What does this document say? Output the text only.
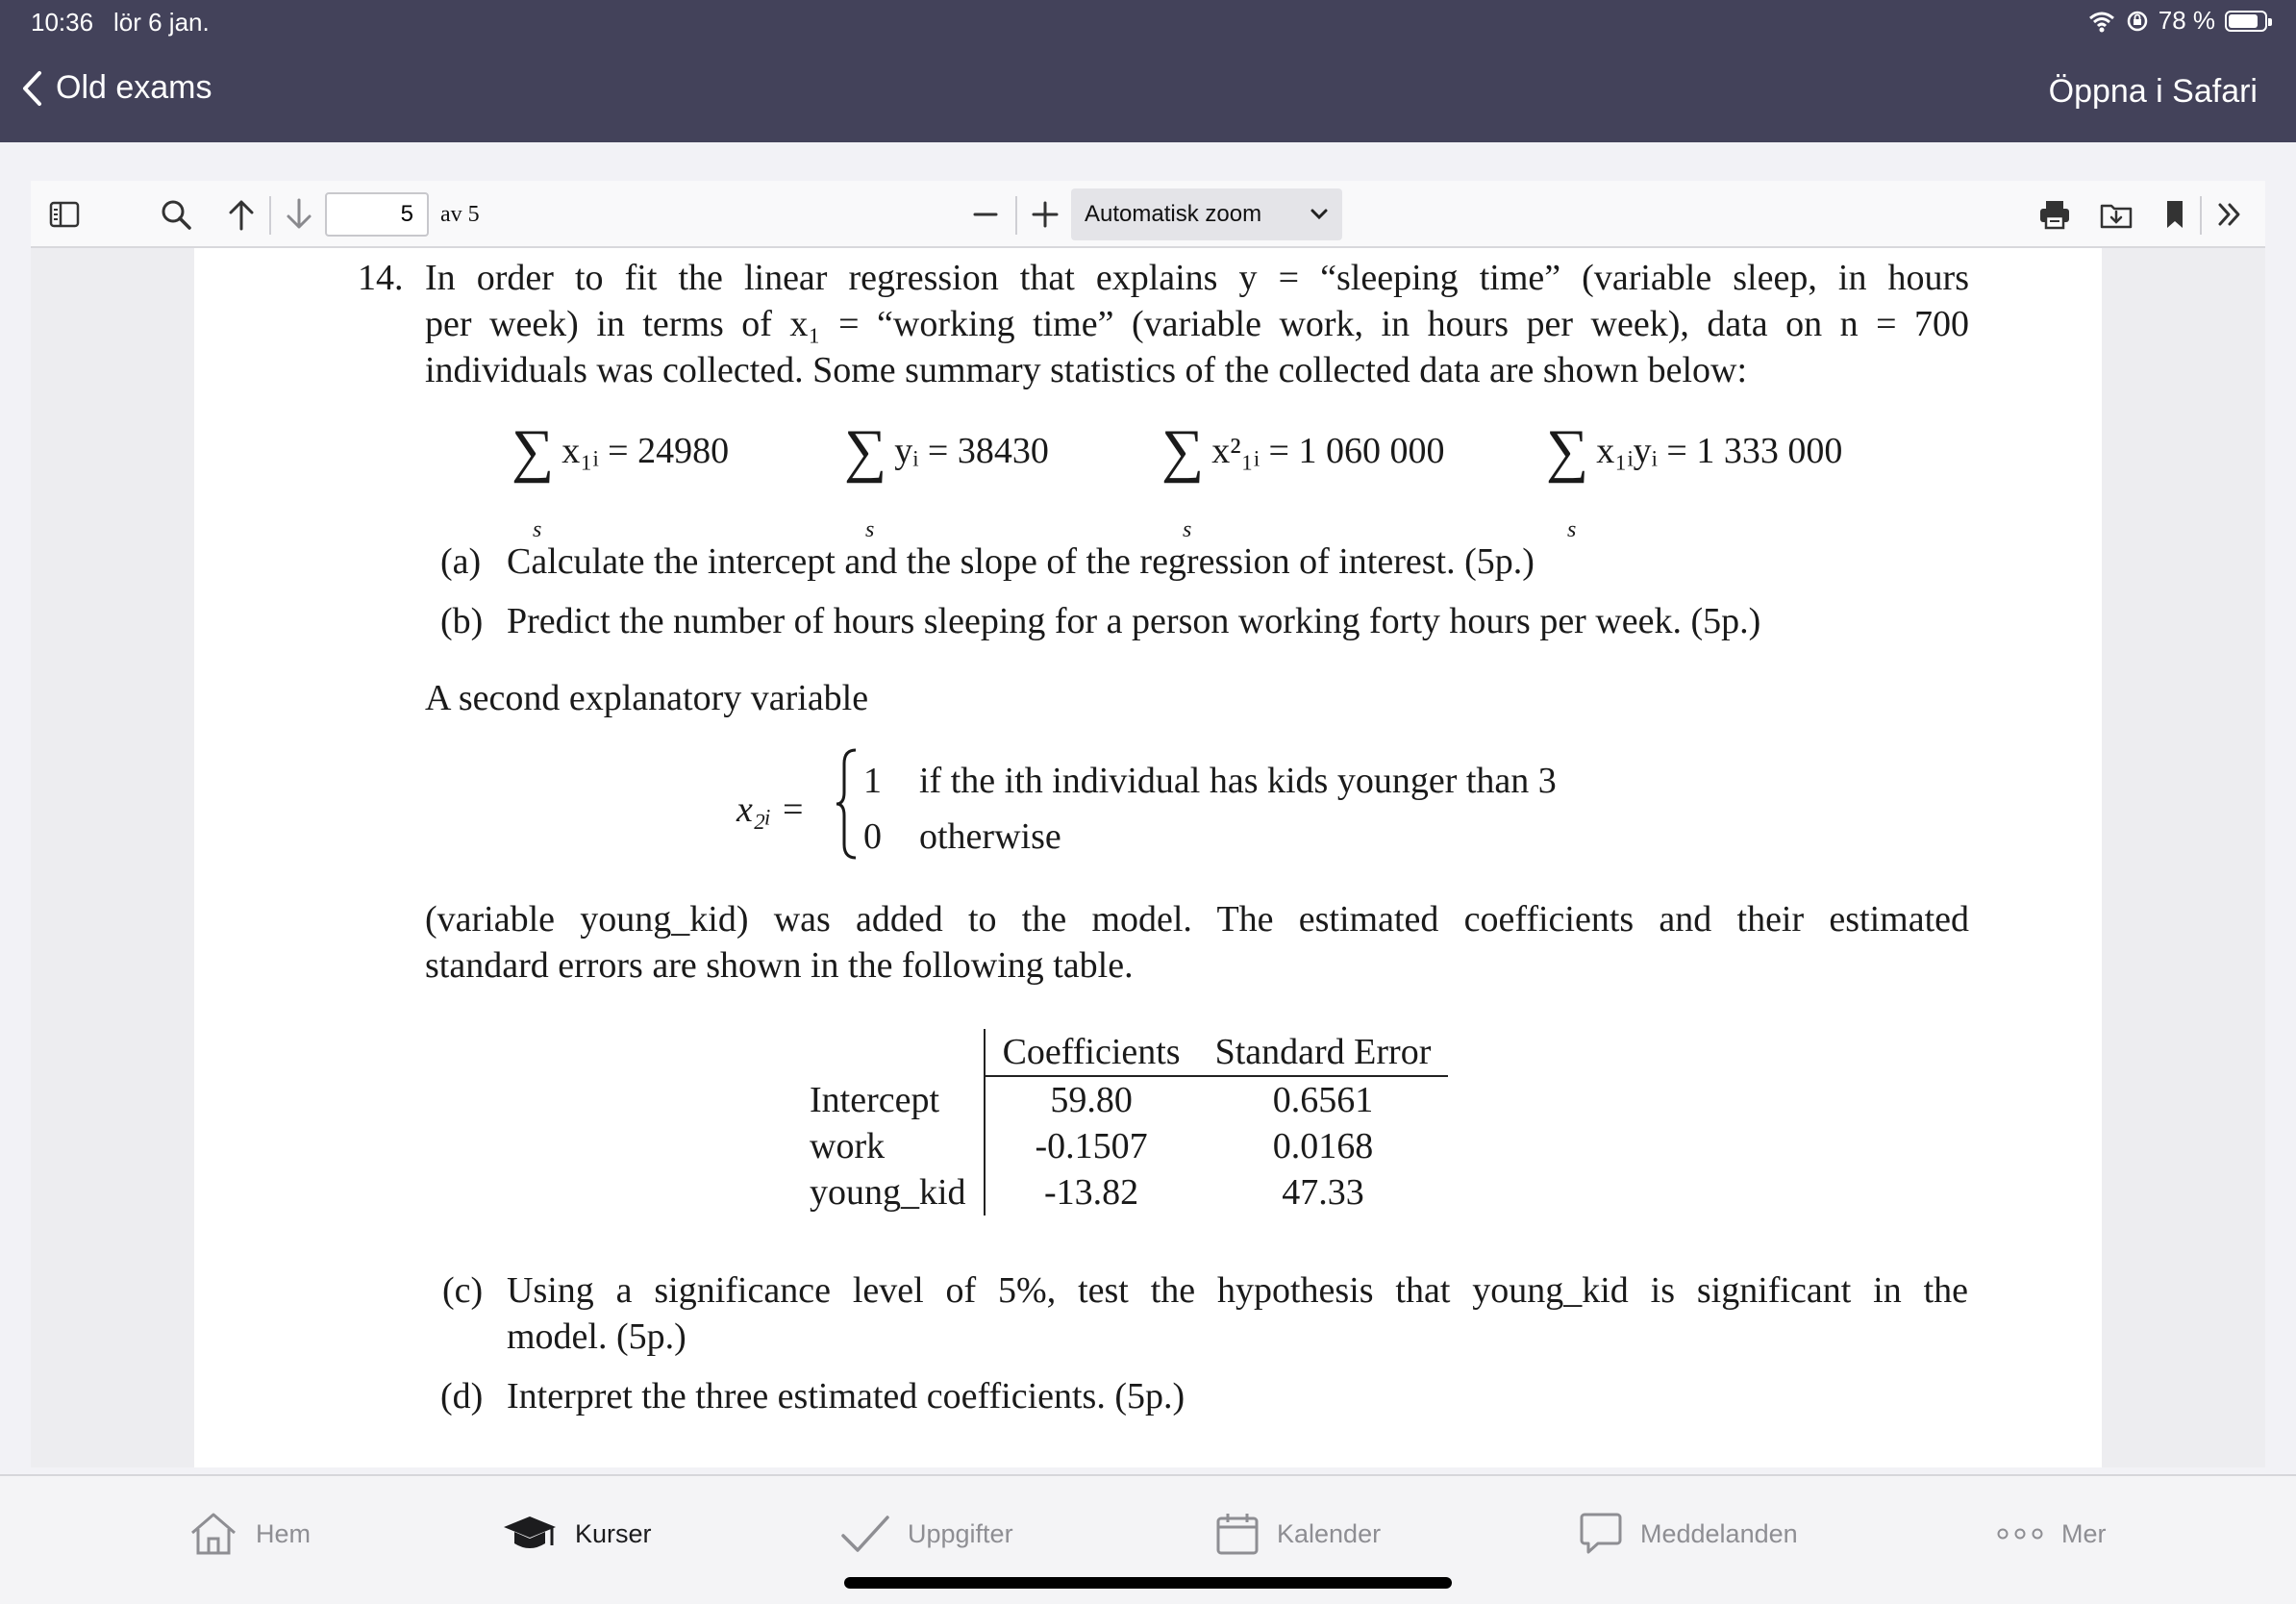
10:36 lör 6 jan.	78 %
Old exams	Öppna i Safari
5
av 5	Automatisk zoom
14. In order to fit the linear regression that explains y = “sleeping time” (variable sleep, in hours
per week) in terms of x₁ = “working time” (variable work, in hours per week), data on n = 700
individuals was collected. Some summary statistics of the collected data are shown below:
∑
s
x₁ᵢ = 24980 ∑
s
yᵢ = 38430 ∑
s
x²₁ᵢ = 1 060 000 ∑
s
x₁ᵢyᵢ = 1 333 000
(a) Calculate the intercept and the slope of the regression of interest. (5p.)
(b) Predict the number of hours sleeping for a person working forty hours per week. (5p.)
A second explanatory variable
x₂ᵢ =
1 if the ith individual has kids younger than 3
0 otherwise
(variable young_kid) was added to the model. The estimated coefficients and their estimated
standard errors are shown in the following table.
	Coefficients	Standard Error
Intercept	59.80	0.6561
work	-0.1507	0.0168
young_kid	-13.82	47.33
(c) Using a significance level of 5%, test the hypothesis that young_kid is significant in the
model. (5p.)
(d) Interpret the three estimated coefficients. (5p.)
Hem	Kurser	Uppgifter	Kalender	Meddelanden	Mer
